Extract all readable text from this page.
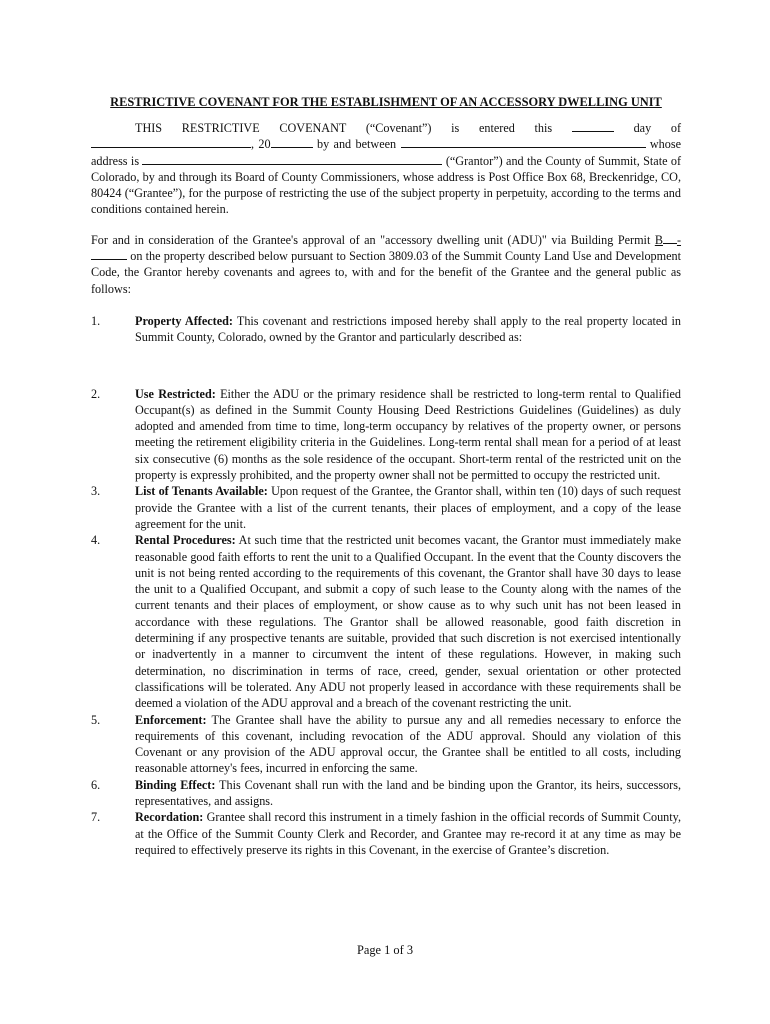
RESTRICTIVE COVENANT FOR THE ESTABLISHMENT OF AN ACCESSORY DWELLING UNIT

THIS RESTRICTIVE COVENANT (“Covenant”) is entered this	day of , 20	by and between	whose address is	(“Grantor”) and the County of Summit, State of Colorado, by and through its Board of County Commissioners, whose address is Post Office Box 68, Breckenridge, CO, 80424 (“Grantee”), for the purpose of restricting the use of the subject property in perpetuity, according to the terms and conditions contained herein.

For and in consideration of the Grantee's approval of an "accessory dwelling unit (ADU)" via Building Permit B - on the property described below pursuant to Section 3809.03 of the Summit County Land Use and Development Code, the Grantor hereby covenants and agrees to, with and for the benefit of the Grantee and the general public as follows:

1.	Property Affected: This covenant and restrictions imposed hereby shall apply to the real property located in Summit County, Colorado, owned by the Grantor and particularly described as:
2.	Use Restricted: Either the ADU or the primary residence shall be restricted to long-term rental to Qualified Occupant(s) as defined in the Summit County Housing Deed Restrictions Guidelines (Guidelines) as duly adopted and amended from time to time, long-term occupancy by relatives of the property owner, or persons meeting the retirement eligibility criteria in the Guidelines. Long-term rental shall mean for a period of at least six consecutive (6) months as the sole residence of the occupant. Short-term rental of the restricted unit on the property is expressly prohibited, and the property owner shall not be permitted to occupy the restricted unit.
3.	List of Tenants Available: Upon request of the Grantee, the Grantor shall, within ten (10) days of such request provide the Grantee with a list of the current tenants, their places of employment, and a copy of the lease agreement for the unit.
4.	Rental Procedures: At such time that the restricted unit becomes vacant, the Grantor must immediately make reasonable good faith efforts to rent the unit to a Qualified Occupant. In the event that the County discovers the unit is not being rented according to the requirements of this covenant, the Grantor shall have 30 days to lease the unit to a Qualified Occupant, and submit a copy of such lease to the County along with the names of the current tenants and their places of employment, or show cause as to why such unit has not been leased in accordance with these regulations. The Grantor shall be allowed reasonable, good faith discretion in determining if any prospective tenants are suitable, provided that such discretion is not exercised intentionally or inadvertently in a manner to circumvent the intent of these regulations. However, in making such determination, no discrimination in terms of race, creed, gender, sexual orientation or other protected classifications will be tolerated. Any ADU not properly leased in accordance with these requirements shall be deemed a violation of the ADU approval and a breach of the covenant restricting the unit.
5.	Enforcement: The Grantee shall have the ability to pursue any and all remedies necessary to enforce the requirements of this covenant, including revocation of the ADU approval. Should any violation of this Covenant or any provision of the ADU approval occur, the Grantee shall be entitled to all costs, including reasonable attorney's fees, incurred in enforcing the same.
6.	Binding Effect: This Covenant shall run with the land and be binding upon the Grantor, its heirs, successors, representatives, and assigns.
7.	Recordation: Grantee shall record this instrument in a timely fashion in the official records of Summit County, at the Office of the Summit County Clerk and Recorder, and Grantee may re-record it at any time as may be required to effectively preserve its rights in this Covenant, in the exercise of Grantee’s discretion.
Page 1 of 3
